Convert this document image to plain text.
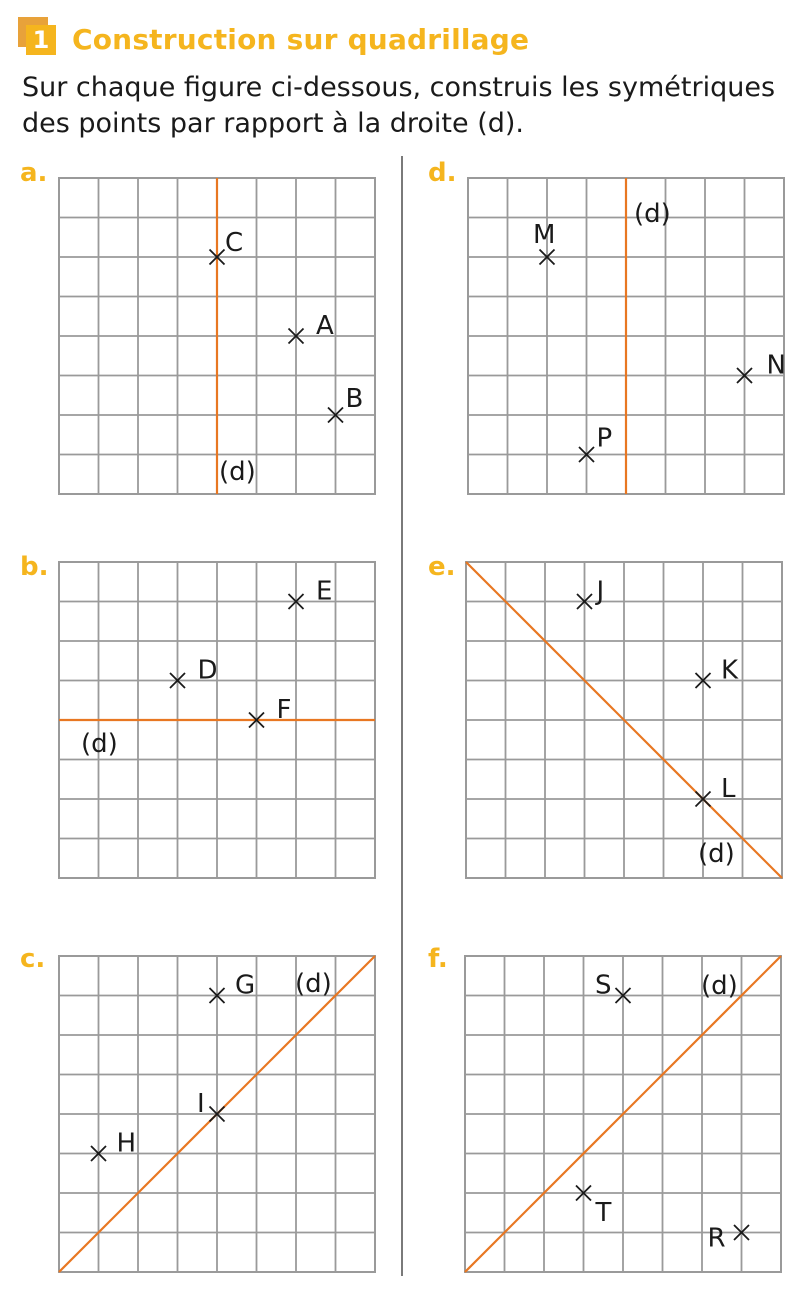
1 Construction sur quadrillage
Sur chaque figure ci-dessous, construis les symétriques
des points par rapport à la droite (d).
a.	d.
b.	e.
c.	f.
(d)
C
A
B
(d)
M
N
P
(d)
E
D
F
(d)
J
K
L
(d)
G
I
H
(d)
S
T
R
